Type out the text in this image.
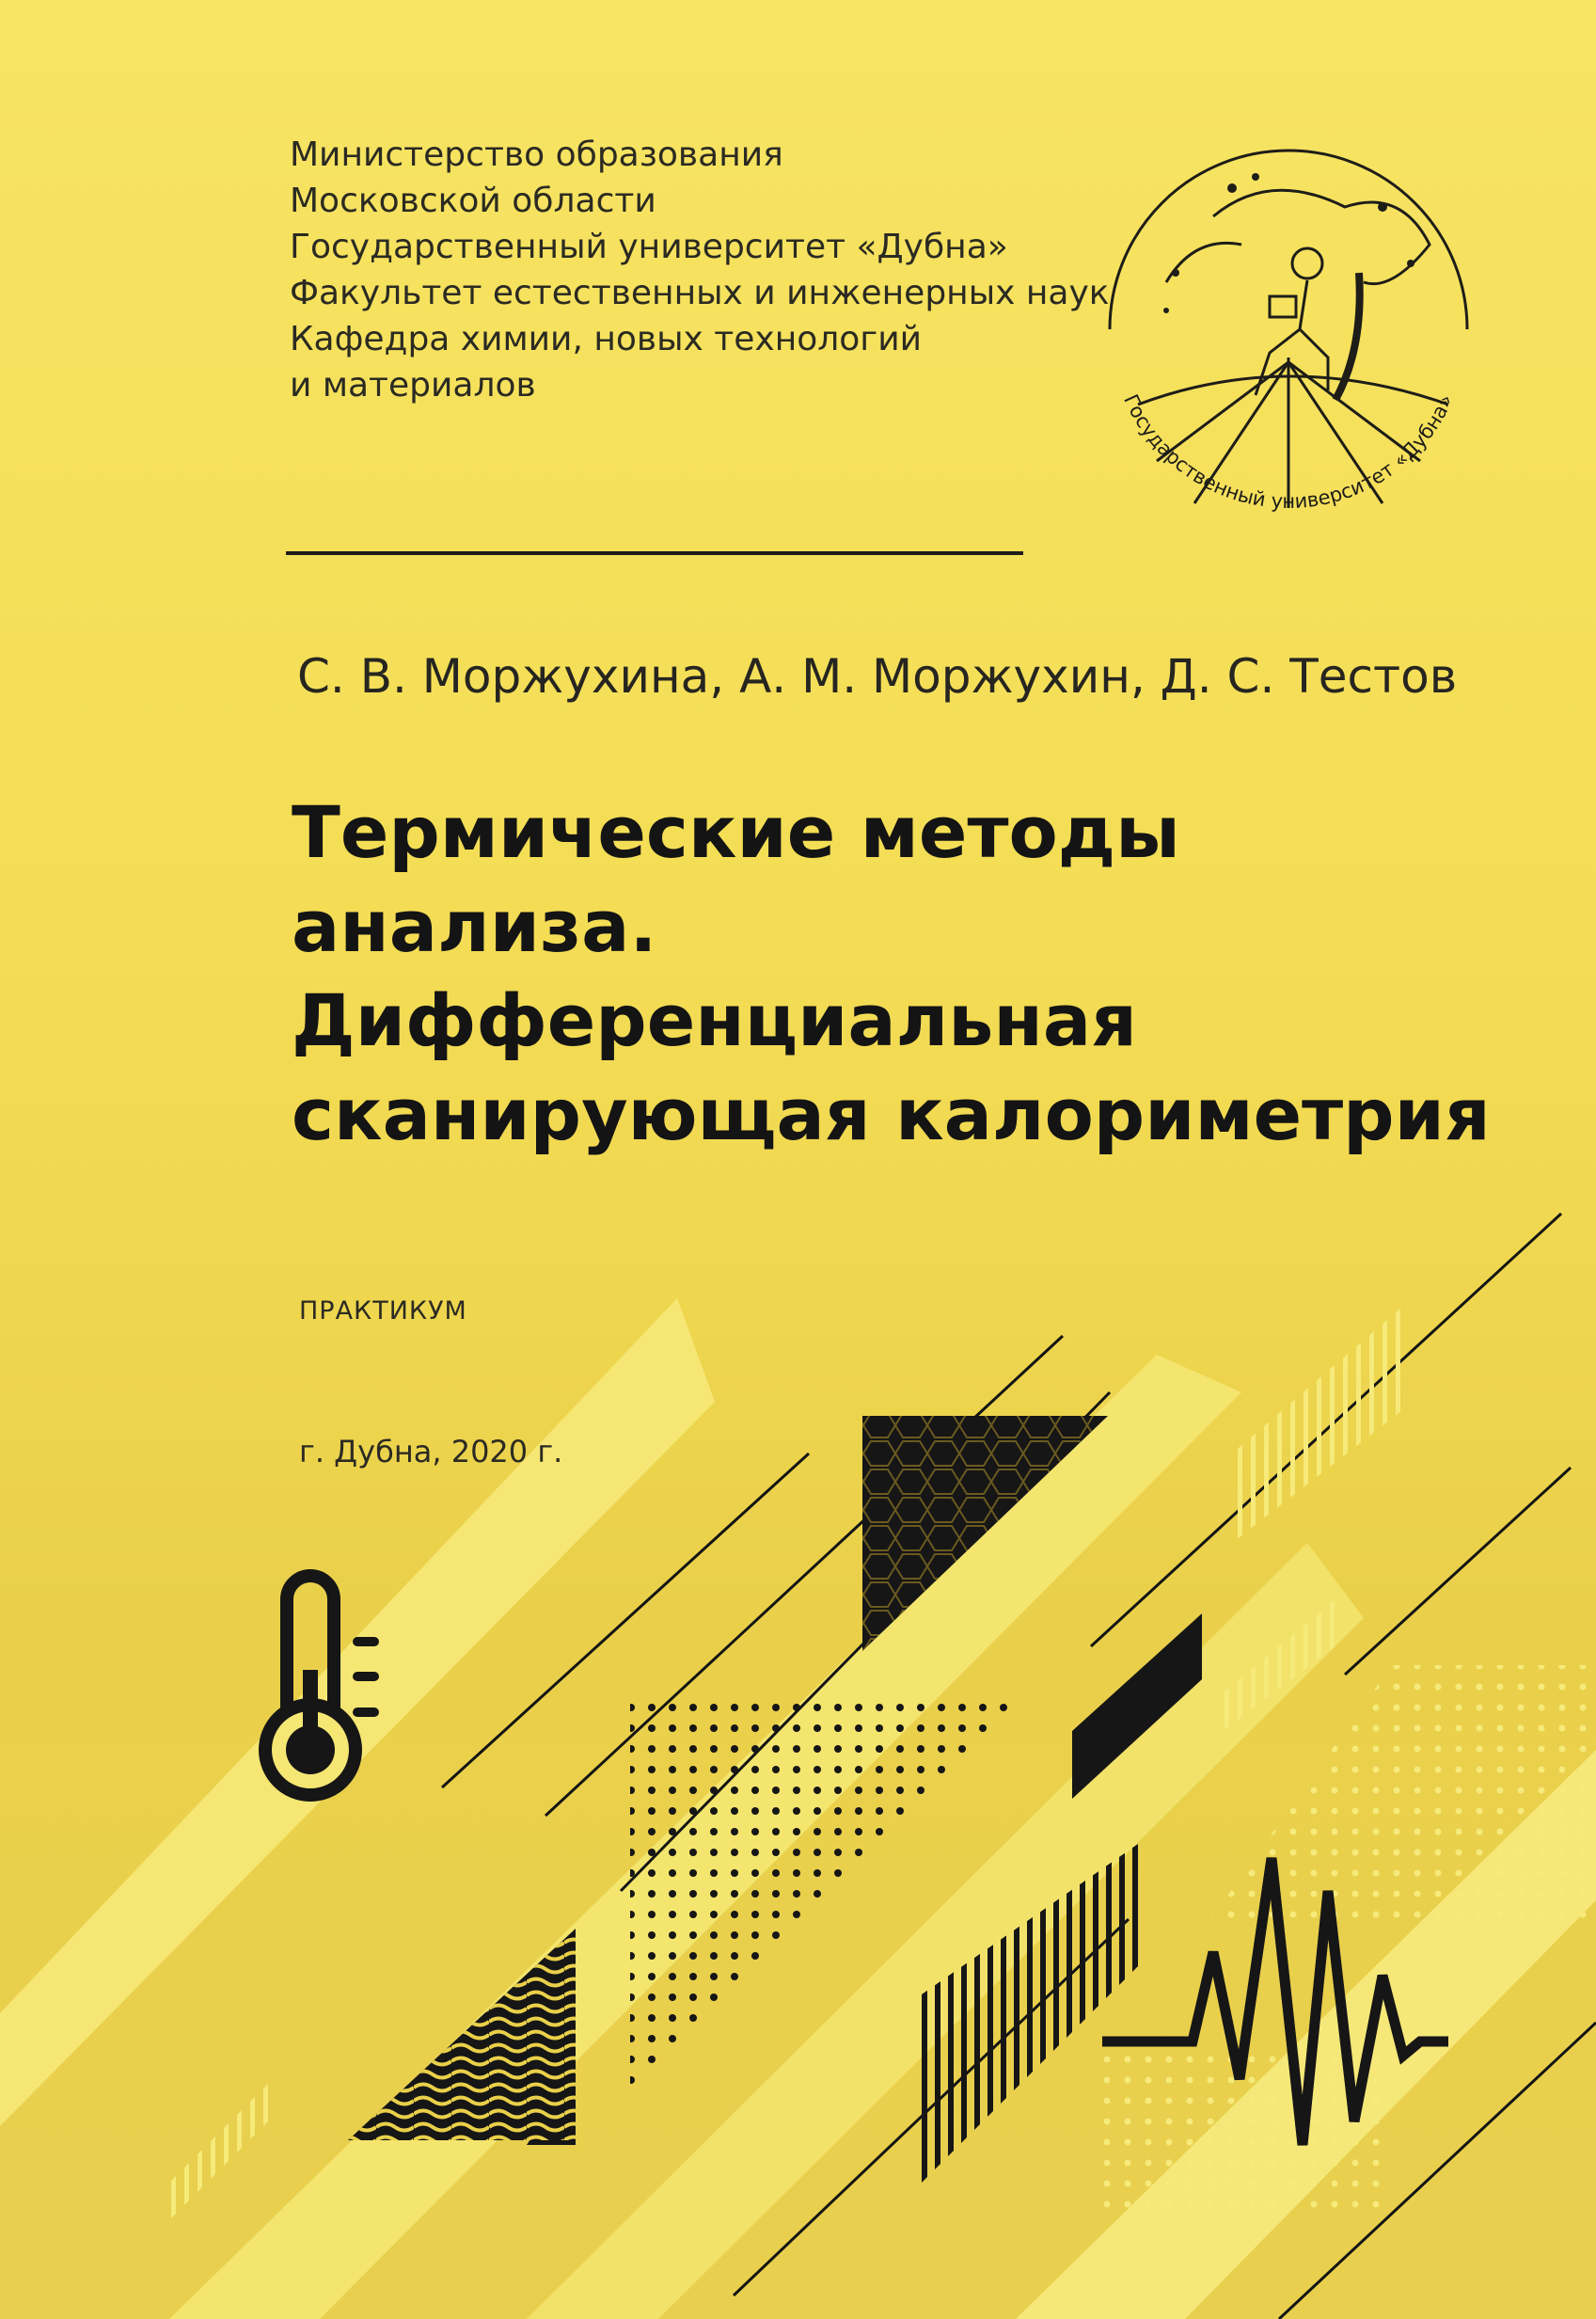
Министерство образования
Московской области
Государственный университет «Дубна»
Факультет естественных и инженерных наук
Кафедра химии, новых технологий
и материалов	Государственный университет «Дубна»
С. В. Моржухина, А. М. Моржухин, Д. С. Тестов
Термические методы
анализа.
Дифференциальная
сканирующая калориметрия
ПРАКТИКУМ
г. Дубна, 2020 г.
